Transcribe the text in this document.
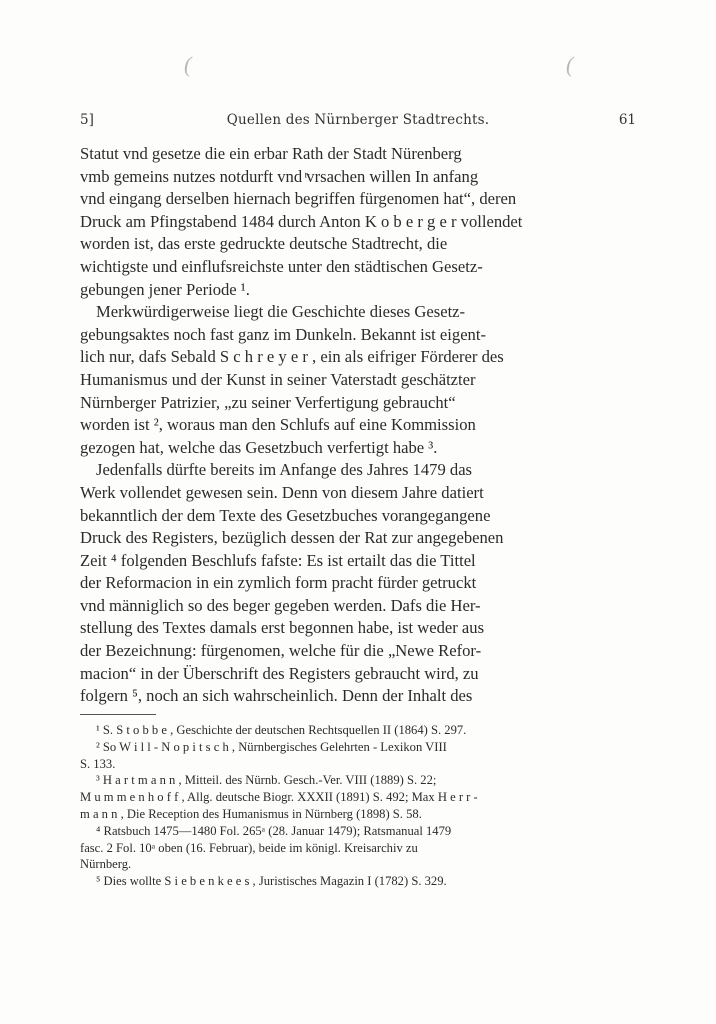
(	(
5]	Quellen des Nürnberger Stadtrechts.	61
Statut vnd gesetze die ein erbar Rath der Stadt Nürenberg
vmb gemeins nutzes notdurft vnd ͬvrsachen willen In anfang
vnd eingang derselben hiernach begriffen fürgenomen hat“, deren
Druck am Pfingstabend 1484 durch Anton K o b e r g e r vollendet
worden ist, das erste gedruckte deutsche Stadtrecht, die
wichtigste und einflufsreichste unter den städtischen Gesetz-
gebungen jener Periode ¹.
Merkwürdigerweise liegt die Geschichte dieses Gesetz-
gebungsaktes noch fast ganz im Dunkeln. Bekannt ist eigent-
lich nur, dafs Sebald S c h r e y e r , ein als eifriger Förderer des
Humanismus und der Kunst in seiner Vaterstadt geschätzter
Nürnberger Patrizier, „zu seiner Verfertigung gebraucht“
worden ist ², woraus man den Schlufs auf eine Kommission
gezogen hat, welche das Gesetzbuch verfertigt habe ³.
Jedenfalls dürfte bereits im Anfange des Jahres 1479 das
Werk vollendet gewesen sein. Denn von diesem Jahre datiert
bekanntlich der dem Texte des Gesetzbuches vorangegangene
Druck des Registers, bezüglich dessen der Rat zur angegebenen
Zeit ⁴ folgenden Beschlufs fafste: Es ist ertailt das die Tittel
der Reformacion in ein zymlich form pracht fürder getruckt
vnd männiglich so des beger gegeben werden. Dafs die Her-
stellung des Textes damals erst begonnen habe, ist weder aus
der Bezeichnung: fürgenomen, welche für die „Newe Refor-
macion“ in der Überschrift des Registers gebraucht wird, zu
folgern ⁵, noch an sich wahrscheinlich. Denn der Inhalt des
¹ S. S t o b b e , Geschichte der deutschen Rechtsquellen II (1864) S. 297.
² So W i l l - N o p i t s c h , Nürnbergisches Gelehrten - Lexikon VIII
S. 133.
³ H a r t m a n n , Mitteil. des Nürnb. Gesch.-Ver. VIII (1889) S. 22;
M u m m e n h o f f , Allg. deutsche Biogr. XXXII (1891) S. 492; Max H e r r -
m a n n , Die Reception des Humanismus in Nürnberg (1898) S. 58.
⁴ Ratsbuch 1475—1480 Fol. 265ᵃ (28. Januar 1479); Ratsmanual 1479
fasc. 2 Fol. 10ᵃ oben (16. Februar), beide im königl. Kreisarchiv zu
Nürnberg.
⁵ Dies wollte S i e b e n k e e s , Juristisches Magazin I (1782) S. 329.
